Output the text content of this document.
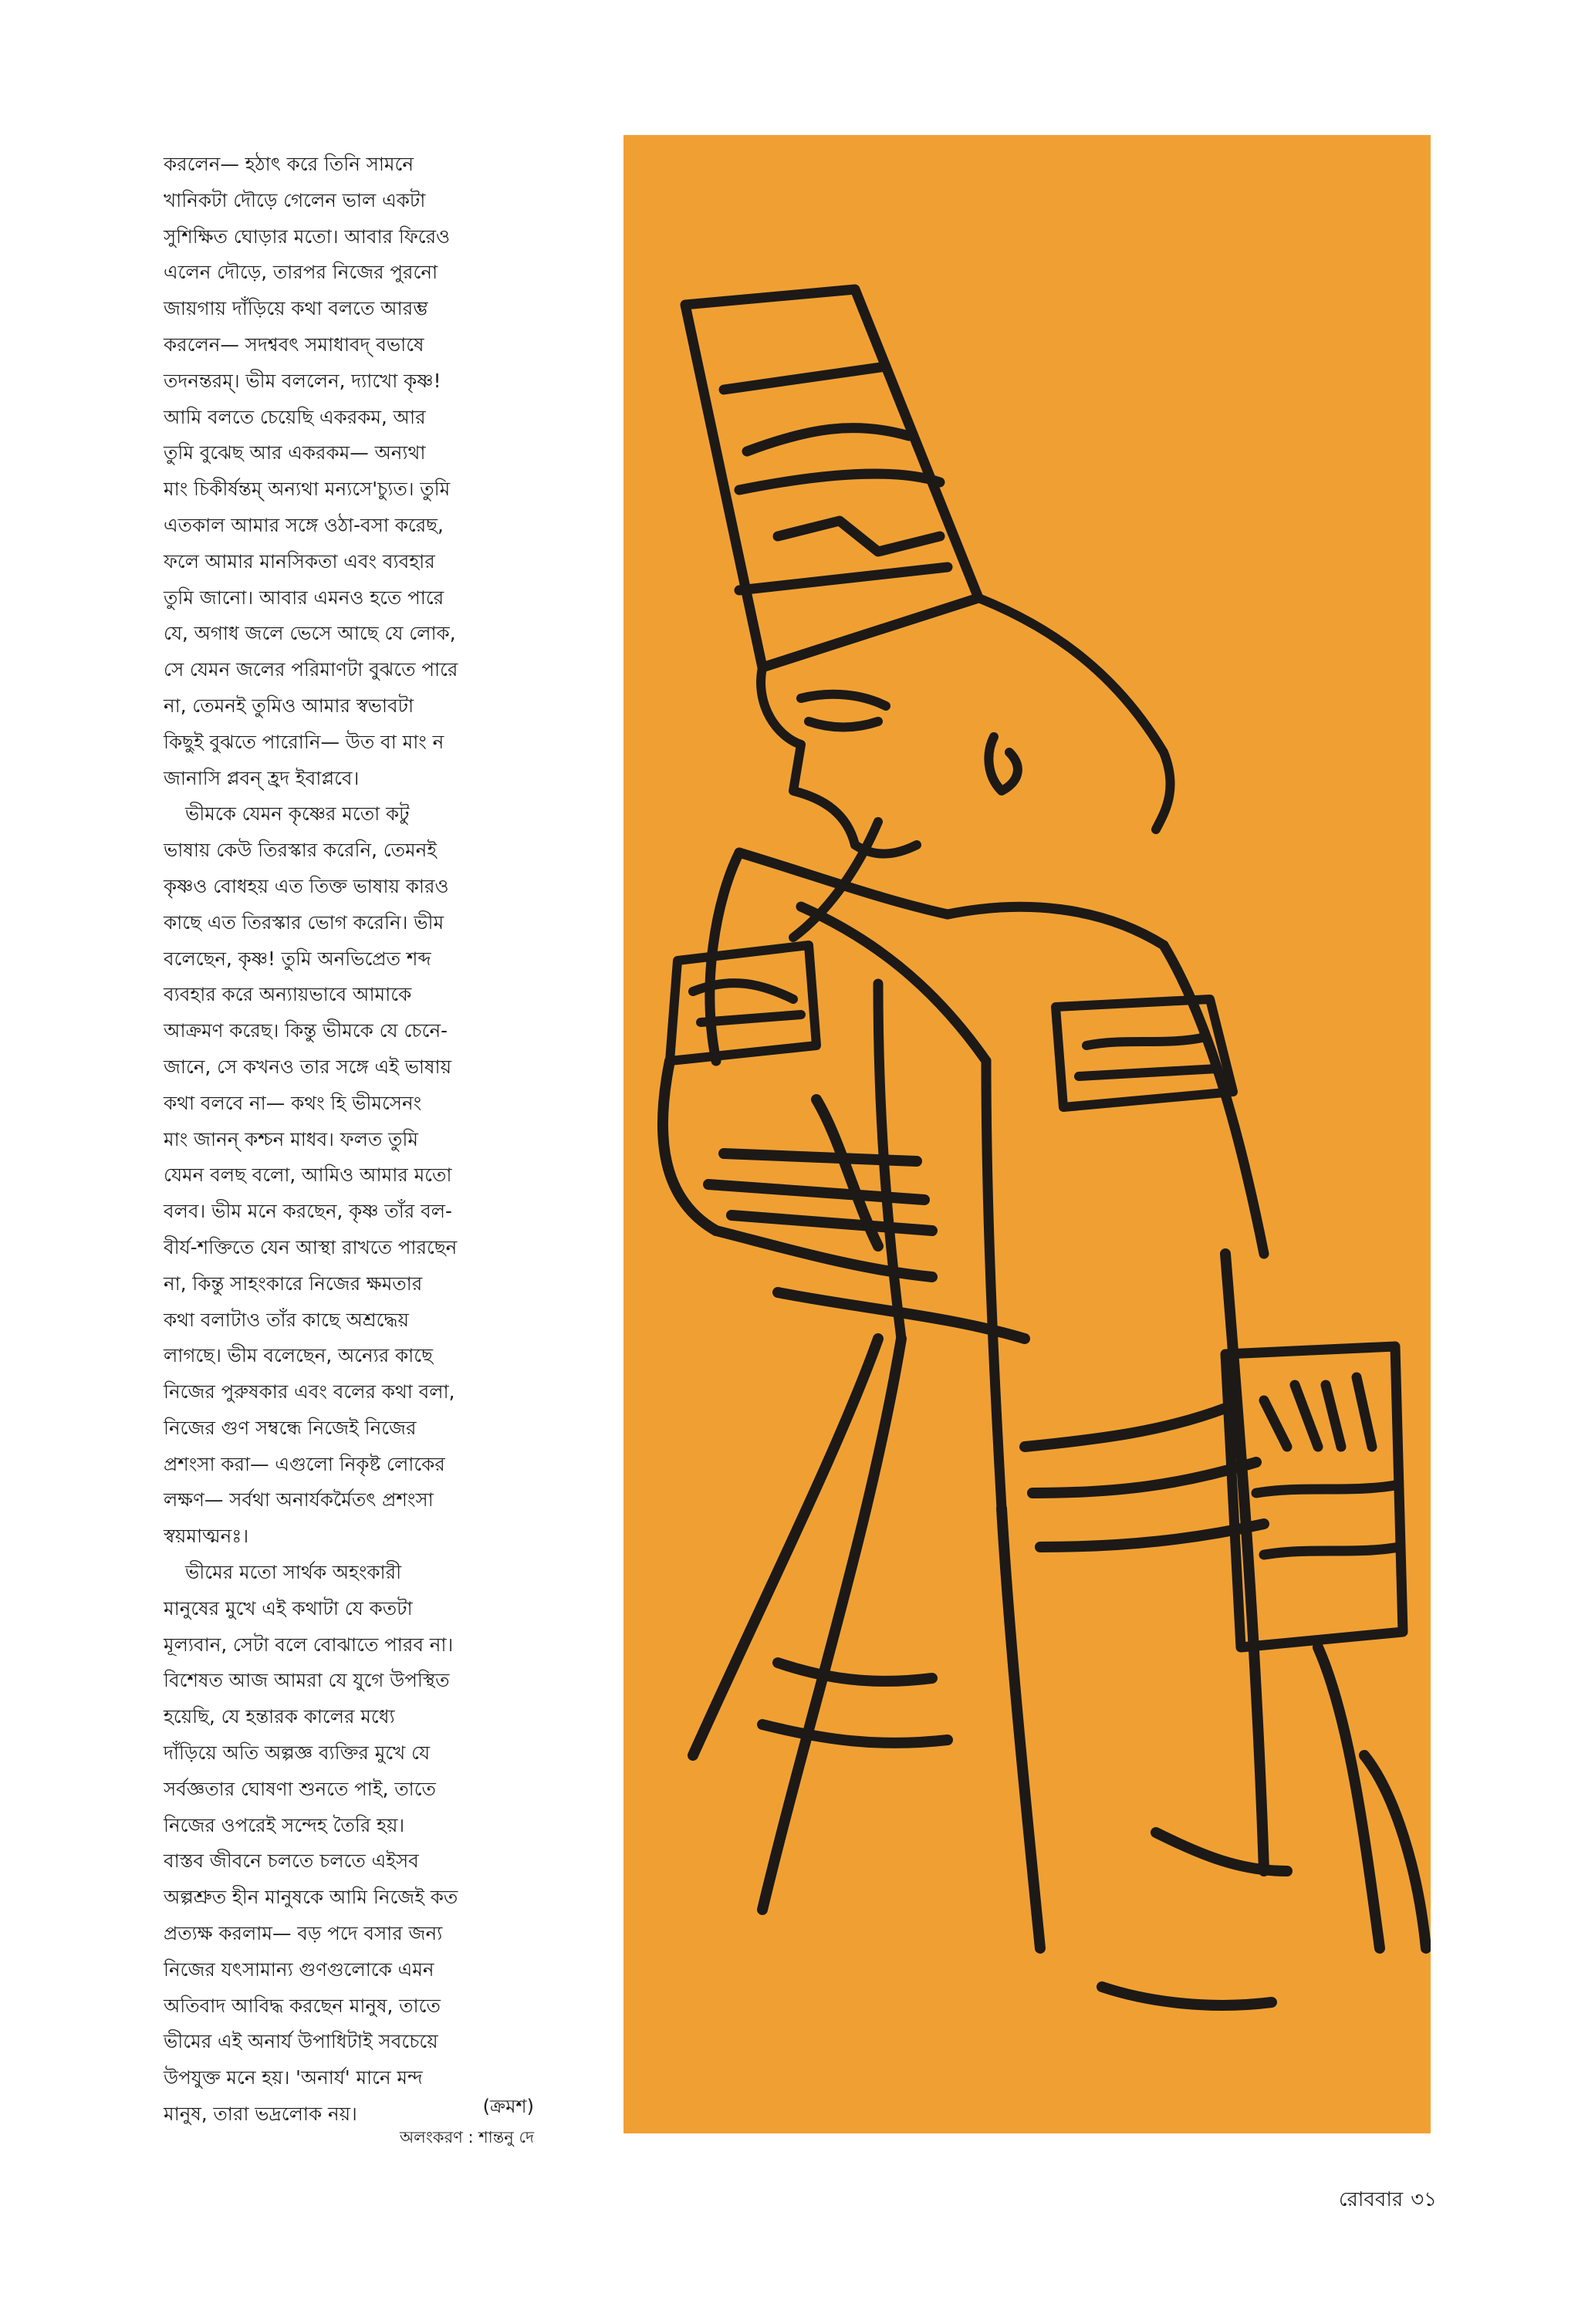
করলেন— হঠাৎ করে তিনি সামনে
খানিকটা দৌড়ে গেলেন ভাল একটা
সুশিক্ষিত ঘোড়ার মতো। আবার ফিরেও
এলেন দৌড়ে, তারপর নিজের পুরনো
জায়গায় দাঁড়িয়ে কথা বলতে আরম্ভ
করলেন— সদশ্ববৎ সমাধাবদ্ বভাষে
তদনন্তরম্। ভীম বললেন, দ্যাখো কৃষ্ণ!
আমি বলতে চেয়েছি একরকম, আর
তুমি বুঝেছ আর একরকম— অন্যথা
মাং চিকীর্ষন্তম্ অন্যথা মন্যসে'চ্যুত। তুমি
এতকাল আমার সঙ্গে ওঠা-বসা করেছ,
ফলে আমার মানসিকতা এবং ব্যবহার
তুমি জানো। আবার এমনও হতে পারে
যে, অগাধ জলে ভেসে আছে যে লোক,
সে যেমন জলের পরিমাণটা বুঝতে পারে
না, তেমনই তুমিও আমার স্বভাবটা
কিছুই বুঝতে পারোনি— উত বা মাং ন
জানাসি প্লবন্ হ্রদ ইবাপ্লবে।

ভীমকে যেমন কৃষ্ণের মতো কটু
ভাষায় কেউ তিরস্কার করেনি, তেমনই
কৃষ্ণও বোধহয় এত তিক্ত ভাষায় কারও
কাছে এত তিরস্কার ভোগ করেনি। ভীম
বলেছেন, কৃষ্ণ! তুমি অনভিপ্রেত শব্দ
ব্যবহার করে অন্যায়ভাবে আমাকে
আক্রমণ করেছ। কিন্তু ভীমকে যে চেনে-
জানে, সে কখনও তার সঙ্গে এই ভাষায়
কথা বলবে না— কথং হি ভীমসেনং
মাং জানন্ কশ্চন মাধব। ফলত তুমি
যেমন বলছ বলো, আমিও আমার মতো
বলব। ভীম মনে করছেন, কৃষ্ণ তাঁর বল-
বীর্য-শক্তিতে যেন আস্থা রাখতে পারছেন
না, কিন্তু সাহংকারে নিজের ক্ষমতার
কথা বলাটাও তাঁর কাছে অশ্রদ্ধেয়
লাগছে। ভীম বলেছেন, অন্যের কাছে
নিজের পুরুষকার এবং বলের কথা বলা,
নিজের গুণ সম্বন্ধে নিজেই নিজের
প্রশংসা করা— এগুলো নিকৃষ্ট লোকের
লক্ষণ— সর্বথা অনার্যকর্মৈতৎ প্রশংসা
স্বয়মাত্মনঃ।

ভীমের মতো সার্থক অহংকারী
মানুষের মুখে এই কথাটা যে কতটা
মূল্যবান, সেটা বলে বোঝাতে পারব না।
বিশেষত আজ আমরা যে যুগে উপস্থিত
হয়েছি, যে হন্তারক কালের মধ্যে
দাঁড়িয়ে অতি অল্পজ্ঞ ব্যক্তির মুখে যে
সর্বজ্ঞতার ঘোষণা শুনতে পাই, তাতে
নিজের ওপরেই সন্দেহ তৈরি হয়।
বাস্তব জীবনে চলতে চলতে এইসব
অল্পশ্রুত হীন মানুষকে আমি নিজেই কত
প্রত্যক্ষ করলাম— বড় পদে বসার জন্য
নিজের যৎসামান্য গুণগুলোকে এমন
অতিবাদ আবিদ্ধ করছেন মানুষ, তাতে
ভীমের এই অনার্য উপাধিটাই সবচেয়ে
উপযুক্ত মনে হয়। 'অনার্য' মানে মন্দ
মানুষ, তারা ভদ্রলোক নয়।	(ক্রমশ)
অলংকরণ : শান্তনু দে
রোববার ৩১
